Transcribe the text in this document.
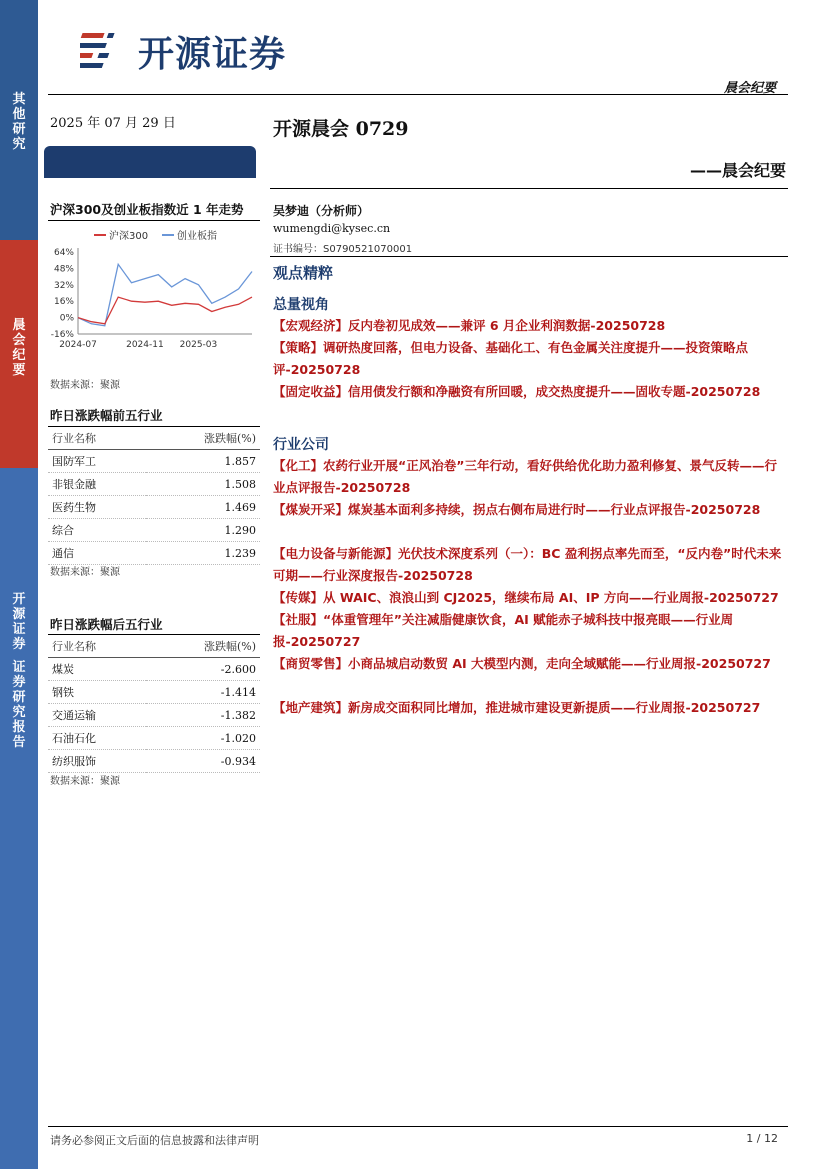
其
他
研
究
晨
会
纪
要
开
源
证
券
证
券
研
究
报
告
开源证券
晨会纪要
2025 年 07 月 29 日
沪深300及创业板指数近 1 年走势
沪深300	创业板指
64%
48%
32%
16%
0%
-16%
2024-07	2024-11 2025-03
数据来源：聚源
昨日涨跌幅前五行业
行业名称	涨跌幅(%)
国防军工	1.857
非银金融	1.508
医药生物	1.469
综合	1.290
通信	1.239
数据来源：聚源
昨日涨跌幅后五行业
行业名称	涨跌幅(%)
煤炭	-2.600
钢铁	-1.414
交通运输	-1.382
石油石化	-1.020
纺织服饰	-0.934
数据来源：聚源
开源晨会 0729
——晨会纪要
吴梦迪（分析师）
wumengdi@kysec.cn
证书编号：S0790521070001
观点精粹
总量视角
【宏观经济】反内卷初见成效——兼评 6 月企业利润数据-20250728
【策略】调研热度回落，但电力设备、基础化工、有色金属关注度提升——投资策略点评-20250728
【固定收益】信用债发行额和净融资有所回暖，成交热度提升——固收专题-20250728
行业公司
【化工】农药行业开展“正风治卷”三年行动，看好供给优化助力盈利修复、景气反转——行业点评报告-20250728
【煤炭开采】煤炭基本面利多持续，拐点右侧布局进行时——行业点评报告-20250728
【电力设备与新能源】光伏技术深度系列（一）：BC 盈利拐点率先而至，“反内卷”时代未来可期——行业深度报告-20250728
【传媒】从 WAIC、浪浪山到 CJ2025，继续布局 AI、IP 方向——行业周报-20250727
【社服】“体重管理年”关注减脂健康饮食，AI 赋能赤子城科技中报亮眼——行业周报-20250727
【商贸零售】小商品城启动数贸 AI 大模型内测，走向全域赋能——行业周报-20250727
【地产建筑】新房成交面积同比增加，推进城市建设更新提质——行业周报-20250727
请务必参阅正文后面的信息披露和法律声明	1 / 12
